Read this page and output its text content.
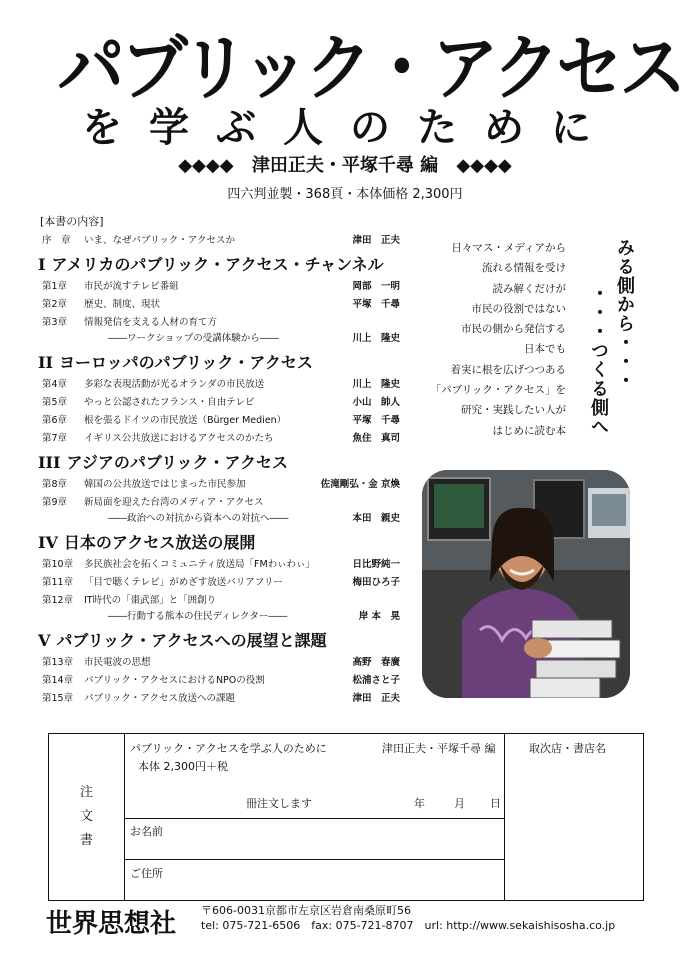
パブリック・アクセス
を学ぶ人のために
◆◆◆◆ 津田正夫・平塚千尋 編 ◆◆◆◆
四六判並製・368頁・本体価格 2,300円
[本書の内容]
序　章 いま、なぜパブリック・アクセスか	津田　正夫
I アメリカのパブリック・アクセス・チャンネル
第1章 市民が流すテレビ番組	岡部　一明
第2章 歴史、制度、現状	平塚　千尋
第3章 情報発信を支える人材の育て方
――ワークショップの受講体験から――	川上　隆史
II ヨーロッパのパブリック・アクセス
第4章 多彩な表現活動が光るオランダの市民放送	川上　隆史
第5章 やっと公認されたフランス・自由テレビ	小山　帥人
第6章 根を張るドイツの市民放送（Bürger Medien）	平塚　千尋
第7章 イギリス公共放送におけるアクセスのかたち	魚住　真司
III アジアのパブリック・アクセス
第8章 韓国の公共放送ではじまった市民参加	佐滝剛弘・金 京煥
第9章 新局面を迎えた台湾のメディア・アクセス
――政治への対抗から資本への対抗へ――	本田　親史
IV 日本のアクセス放送の展開
第10章 多民族社会を拓くコミュニティ放送局「FMわぃわぃ」	日比野純一
第11章 「目で聴くテレビ」がめざす放送バリアフリー	梅田ひろ子
第12章 IT時代の「棗武部」と「囲創り
――行動する熊本の住民ディレクター――	岸 本　晃
V パブリック・アクセスへの展望と課題
第13章 市民電波の思想	高野　春廣
第14章 パブリック・アクセスにおけるNPOの役割	松浦さと子
第15章 パブリック・アクセス放送への課題	津田　正夫
日々マス・メディアから
流れる情報を受け
読み解くだけが
市民の役割ではない
市民の側から発信する
日本でも
着実に根を広げつつある
「パブリック・アクセス」を
研究・実践したい人が
はじめに読む本
みる側から・・・
・・・つくる側へ
注
文
書
パブリック・アクセスを学ぶ人のために	津田正夫・平塚千尋 編
本体 2,300円＋税
冊注文します	年	月 日
お名前
ご住所
取次店・書店名
世界思想社 〒606-0031京都市左京区岩倉南桑原町56
tel: 075-721-6506　fax: 075-721-8707　url: http://www.sekaishisosha.co.jp
